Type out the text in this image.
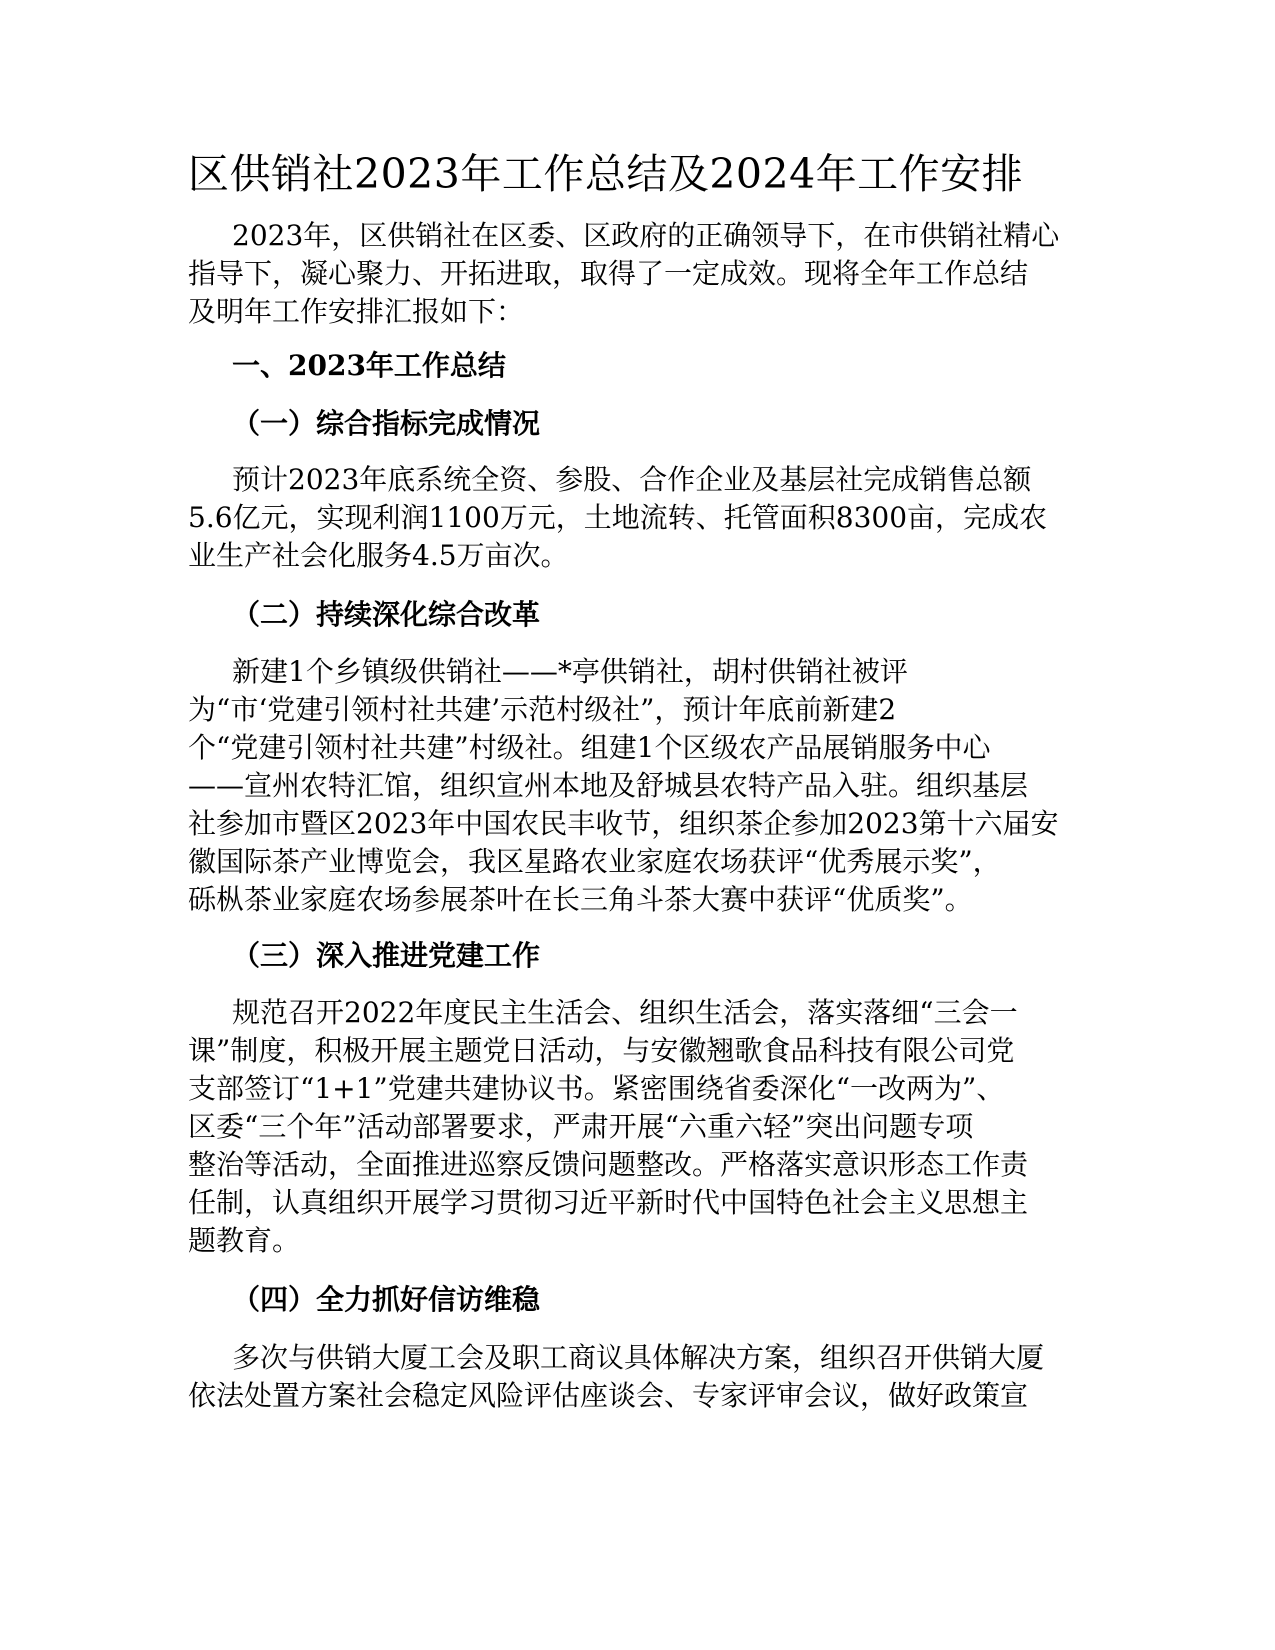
区供销社2023年工作总结及2024年工作安排
2023年，区供销社在区委、区政府的正确领导下，在市供销社精心
指导下，凝心聚力、开拓进取，取得了一定成效。现将全年工作总结
及明年工作安排汇报如下：
一、2023年工作总结
（一）综合指标完成情况
预计2023年底系统全资、参股、合作企业及基层社完成销售总额
5.6亿元，实现利润1100万元，土地流转、托管面积8300亩，完成农
业生产社会化服务4.5万亩次。
（二）持续深化综合改革
新建1个乡镇级供销社——*亭供销社，胡村供销社被评
为“市‘党建引领村社共建’示范村级社”，预计年底前新建2
个“党建引领村社共建”村级社。组建1个区级农产品展销服务中心
——宣州农特汇馆，组织宣州本地及舒城县农特产品入驻。组织基层
社参加市暨区2023年中国农民丰收节，组织茶企参加2023第十六届安
徽国际茶产业博览会，我区星路农业家庭农场获评“优秀展示奖”，
砾枞茶业家庭农场参展茶叶在长三角斗茶大赛中获评“优质奖”。
（三）深入推进党建工作
规范召开2022年度民主生活会、组织生活会，落实落细“三会一
课”制度，积极开展主题党日活动，与安徽翘歌食品科技有限公司党
支部签订“1+1”党建共建协议书。紧密围绕省委深化“一改两为”、
区委“三个年”活动部署要求，严肃开展“六重六轻”突出问题专项
整治等活动，全面推进巡察反馈问题整改。严格落实意识形态工作责
任制，认真组织开展学习贯彻习近平新时代中国特色社会主义思想主
题教育。
（四）全力抓好信访维稳
多次与供销大厦工会及职工商议具体解决方案，组织召开供销大厦
依法处置方案社会稳定风险评估座谈会、专家评审会议，做好政策宣
